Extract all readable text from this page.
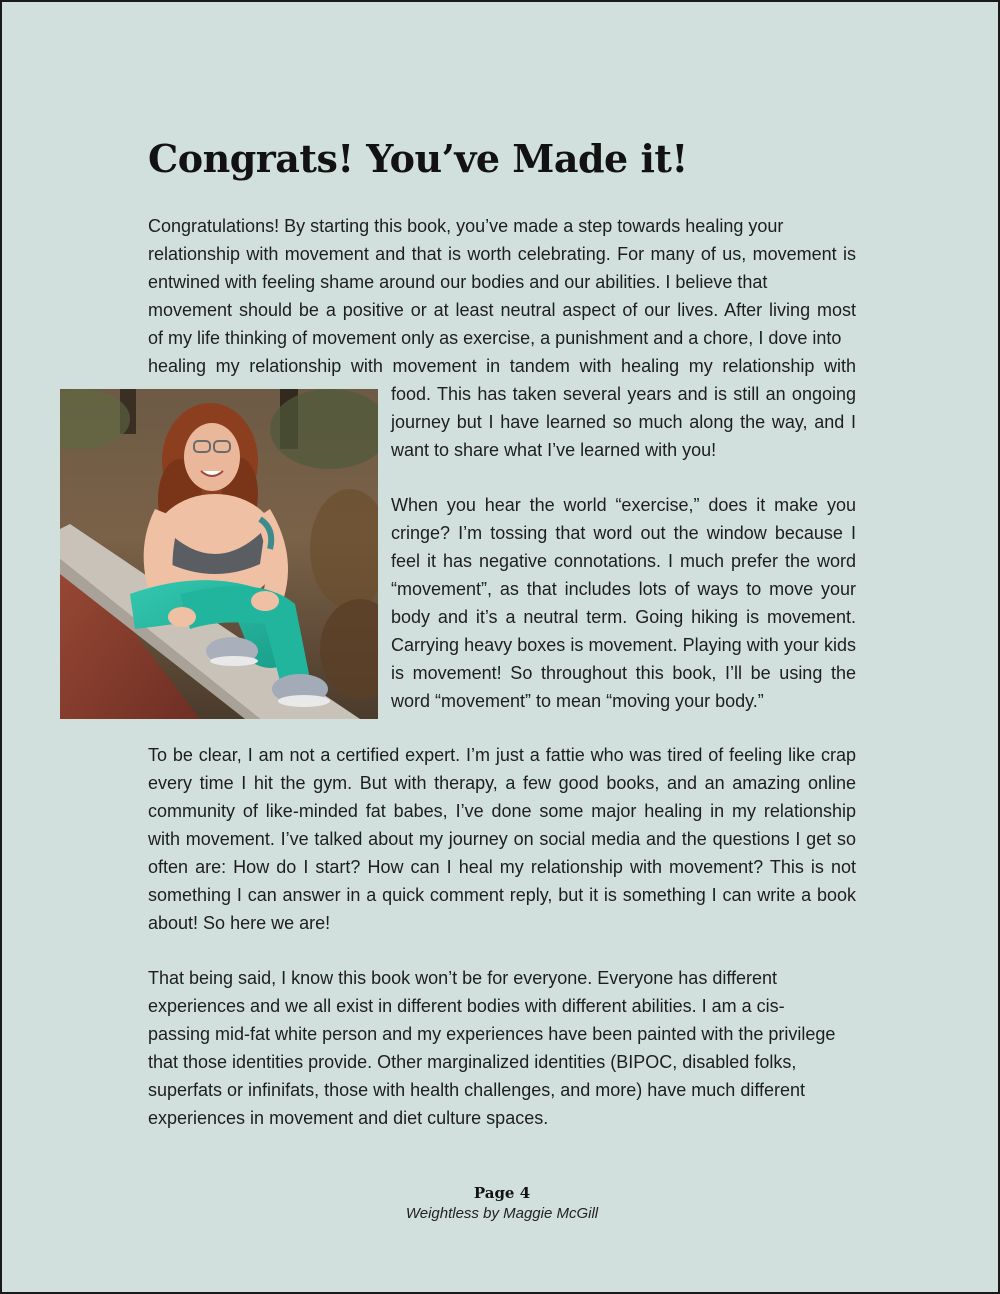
Congrats! You’ve Made it!
Congratulations! By starting this book, you’ve made a step towards healing your
relationship with movement and that is worth celebrating. For many of us, movement is
entwined with feeling shame around our bodies and our abilities. I believe that
movement should be a positive or at least neutral aspect of our lives. After living most
of my life thinking of movement only as exercise, a punishment and a chore, I dove into
healing my relationship with movement in tandem with healing my relationship with
food. This has taken several years and is still an ongoing
journey but I have learned so much along the way, and I
want to share what I’ve learned with you!
When you hear the world “exercise,” does it make you
cringe? I’m tossing that word out the window because I
feel it has negative connotations. I much prefer the word
“movement”, as that includes lots of ways to move your
body and it’s a neutral term. Going hiking is movement.
Carrying heavy boxes is movement. Playing with your kids
is movement! So throughout this book, I’ll be using the
word “movement” to mean “moving your body.”
To be clear, I am not a certified expert. I’m just a fattie who was tired of feeling like crap
every time I hit the gym. But with therapy, a few good books, and an amazing online
community of like-minded fat babes, I’ve done some major healing in my relationship
with movement. I’ve talked about my journey on social media and the questions I get so
often are: How do I start? How can I heal my relationship with movement? This is not
something I can answer in a quick comment reply, but it is something I can write a book
about! So here we are!
That being said, I know this book won’t be for everyone. Everyone has different
experiences and we all exist in different bodies with different abilities. I am a cis-
passing mid-fat white person and my experiences have been painted with the privilege
that those identities provide. Other marginalized identities (BIPOC, disabled folks,
superfats or infinifats, those with health challenges, and more) have much different
experiences in movement and diet culture spaces.
Page 4
Weightless by Maggie McGill
